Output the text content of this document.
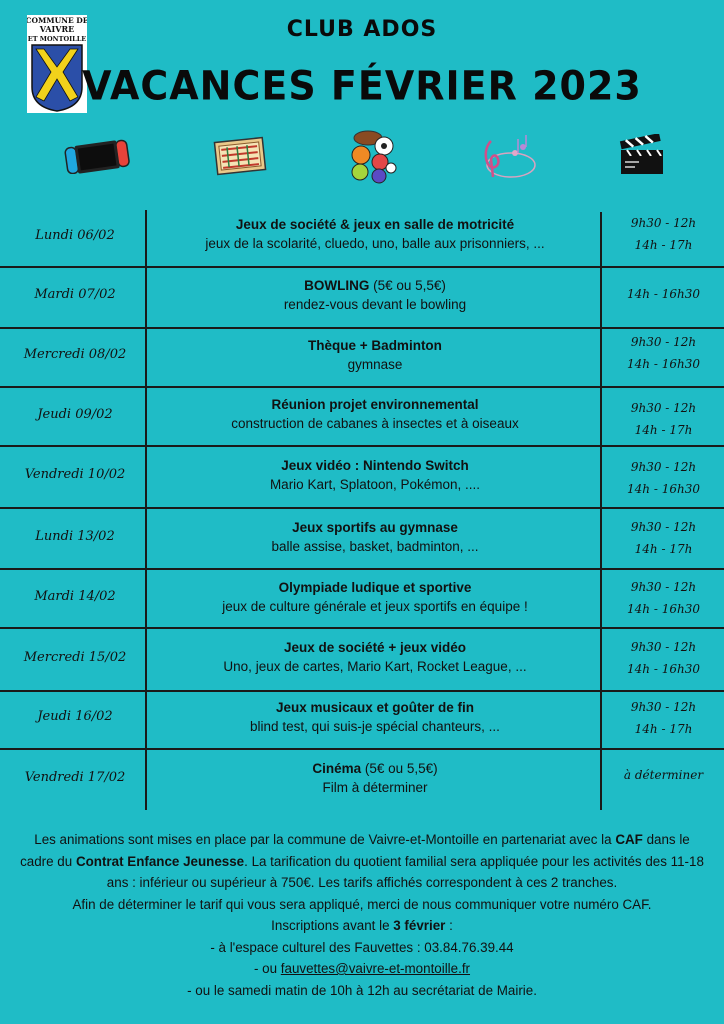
COMMUNE DE
VAIVRE
ET MONTOILLE	CLUB ADOS
VACANCES FÉVRIER 2023
Lundi 06/02
Jeux de société & jeux en salle de motricité
jeux de la scolarité, cluedo, uno, balle aux prisonniers, ...
9h30 - 12h
14h - 17h
Mardi 07/02
BOWLING (5€ ou 5,5€)
rendez-vous devant le bowling
14h - 16h30
Mercredi 08/02
Thèque + Badminton
gymnase
9h30 - 12h
14h - 16h30
Jeudi 09/02
Réunion projet environnemental
construction de cabanes à insectes et à oiseaux
9h30 - 12h
14h - 17h
Vendredi 10/02
Jeux vidéo : Nintendo Switch
Mario Kart, Splatoon, Pokémon, ....
9h30 - 12h
14h - 16h30
Lundi 13/02
Jeux sportifs au gymnase
balle assise, basket, badminton, ...
9h30 - 12h
14h - 17h
Mardi 14/02
Olympiade ludique et sportive
jeux de culture générale et jeux sportifs en équipe !
9h30 - 12h
14h - 16h30
Mercredi 15/02
Jeux de société + jeux vidéo
Uno, jeux de cartes, Mario Kart, Rocket League, ...
9h30 - 12h
14h - 16h30
Jeudi 16/02
Jeux musicaux et goûter de fin
blind test, qui suis-je spécial chanteurs, ...
9h30 - 12h
14h - 17h
Vendredi 17/02
Cinéma (5€ ou 5,5€)
Film à déterminer
à déterminer
Les animations sont mises en place par la commune de Vaivre-et-Montoille en partenariat avec la CAF dans le cadre du Contrat Enfance Jeunesse. La tarification du quotient familial sera appliquée pour les activités des 11-18 ans : inférieur ou supérieur à 750€. Les tarifs affichés correspondent à ces 2 tranches.
Afin de déterminer le tarif qui vous sera appliqué, merci de nous communiquer votre numéro CAF.
Inscriptions avant le 3 février :
- à l'espace culturel des Fauvettes : 03.84.76.39.44
- ou fauvettes@vaivre-et-montoille.fr
- ou le samedi matin de 10h à 12h au secrétariat de Mairie.
